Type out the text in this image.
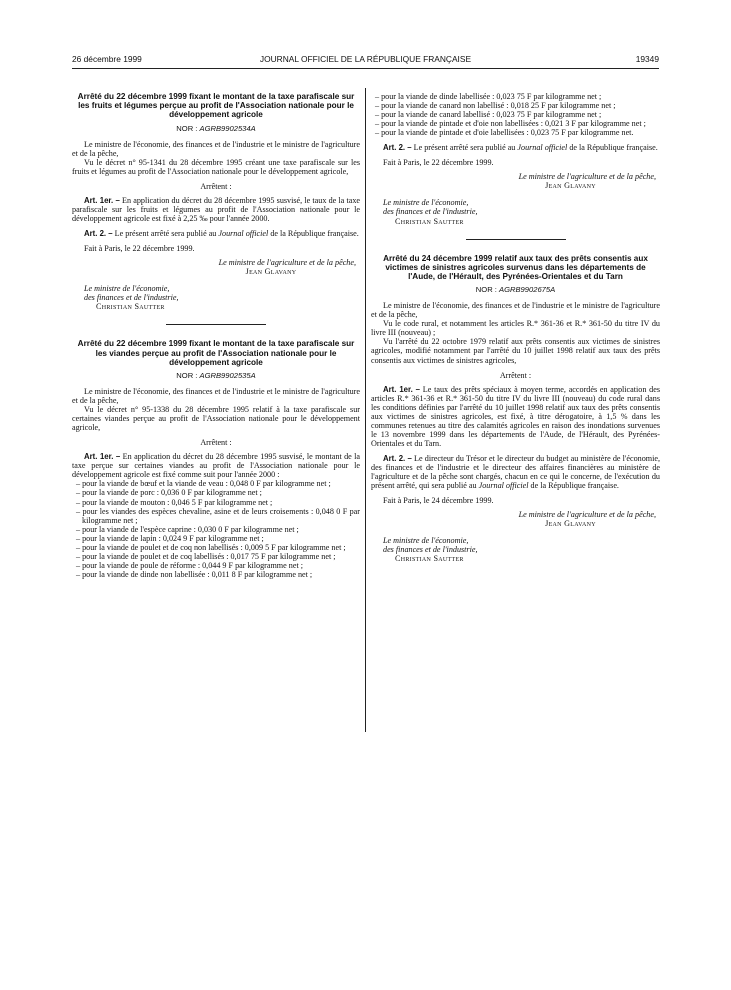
26 décembre 1999	JOURNAL OFFICIEL DE LA RÉPUBLIQUE FRANÇAISE	19349
Arrêté du 22 décembre 1999 fixant le montant de la taxe parafiscale sur les fruits et légumes perçue au profit de l'Association nationale pour le développement agricole
NOR : AGRB9902534A

Le ministre de l'économie, des finances et de l'industrie et le ministre de l'agriculture et de la pêche,

Vu le décret n° 95-1341 du 28 décembre 1995 créant une taxe parafiscale sur les fruits et légumes au profit de l'Association nationale pour le développement agricole,

Arrêtent :

Art. 1er. – En application du décret du 28 décembre 1995 susvisé, le taux de la taxe parafiscale sur les fruits et légumes au profit de l'Association nationale pour le développement agricole est fixé à 2,25 ‰ pour l'année 2000.

Art. 2. – Le présent arrêté sera publié au Journal officiel de la République française.

Fait à Paris, le 22 décembre 1999.

Le ministre de l'agriculture et de la pêche,
Jean Glavany
Le ministre de l'économie,
des finances et de l'industrie,
Christian Sautter
Arrêté du 22 décembre 1999 fixant le montant de la taxe parafiscale sur les viandes perçue au profit de l'Association nationale pour le développement agricole
NOR : AGRB9902535A

Le ministre de l'économie, des finances et de l'industrie et le ministre de l'agriculture et de la pêche,

Vu le décret n° 95-1338 du 28 décembre 1995 relatif à la taxe parafiscale sur certaines viandes perçue au profit de l'Association nationale pour le développement agricole,

Arrêtent :

Art. 1er. – En application du décret du 28 décembre 1995 susvisé, le montant de la taxe perçue sur certaines viandes au profit de l'Association nationale pour le développement agricole est fixé comme suit pour l'année 2000 :

– pour la viande de bœuf et la viande de veau : 0,048 0 F par kilogramme net ;
– pour la viande de porc : 0,036 0 F par kilogramme net ;
– pour la viande de mouton : 0,046 5 F par kilogramme net ;
– pour les viandes des espèces chevaline, asine et de leurs croisements : 0,048 0 F par kilogramme net ;
– pour la viande de l'espèce caprine : 0,030 0 F par kilogramme net ;
– pour la viande de lapin : 0,024 9 F par kilogramme net ;
– pour la viande de poulet et de coq non labellisés : 0,009 5 F par kilogramme net ;
– pour la viande de poulet et de coq labellisés : 0,017 75 F par kilogramme net ;
– pour la viande de poule de réforme : 0,044 9 F par kilogramme net ;
– pour la viande de dinde non labellisée : 0,011 8 F par kilogramme net ;
– pour la viande de dinde labellisée : 0,023 75 F par kilogramme net ;
– pour la viande de canard non labellisé : 0,018 25 F par kilogramme net ;
– pour la viande de canard labellisé : 0,023 75 F par kilogramme net ;
– pour la viande de pintade et d'oie non labellisées : 0,021 3 F par kilogramme net ;
– pour la viande de pintade et d'oie labellisées : 0,023 75 F par kilogramme net.

Art. 2. – Le présent arrêté sera publié au Journal officiel de la République française.

Fait à Paris, le 22 décembre 1999.

Le ministre de l'agriculture et de la pêche,
Jean Glavany
Le ministre de l'économie,
des finances et de l'industrie,
Christian Sautter
Arrêté du 24 décembre 1999 relatif aux taux des prêts consentis aux victimes de sinistres agricoles survenus dans les départements de l'Aude, de l'Hérault, des Pyrénées-Orientales et du Tarn
NOR : AGRB9902675A

Le ministre de l'économie, des finances et de l'industrie et le ministre de l'agriculture et de la pêche,

Vu le code rural, et notamment les articles R.* 361-36 et R.* 361-50 du titre IV du livre III (nouveau) ;

Vu l'arrêté du 22 octobre 1979 relatif aux prêts consentis aux victimes de sinistres agricoles, modifié notamment par l'arrêté du 10 juillet 1998 relatif aux taux des prêts consentis aux victimes de sinistres agricoles,

Arrêtent :

Art. 1er. – Le taux des prêts spéciaux à moyen terme, accordés en application des articles R.* 361-36 et R.* 361-50 du titre IV du livre III (nouveau) du code rural dans les conditions définies par l'arrêté du 10 juillet 1998 relatif aux taux des prêts consentis aux victimes de sinistres agricoles, est fixé, à titre dérogatoire, à 1,5 % dans les communes retenues au titre des calamités agricoles en raison des inondations survenues le 13 novembre 1999 dans les départements de l'Aude, de l'Hérault, des Pyrénées-Orientales et du Tarn.

Art. 2. – Le directeur du Trésor et le directeur du budget au ministère de l'économie, des finances et de l'industrie et le directeur des affaires financières au ministère de l'agriculture et de la pêche sont chargés, chacun en ce qui le concerne, de l'exécution du présent arrêté, qui sera publié au Journal officiel de la République française.

Fait à Paris, le 24 décembre 1999.

Le ministre de l'agriculture et de la pêche,
Jean Glavany
Le ministre de l'économie,
des finances et de l'industrie,
Christian Sautter
